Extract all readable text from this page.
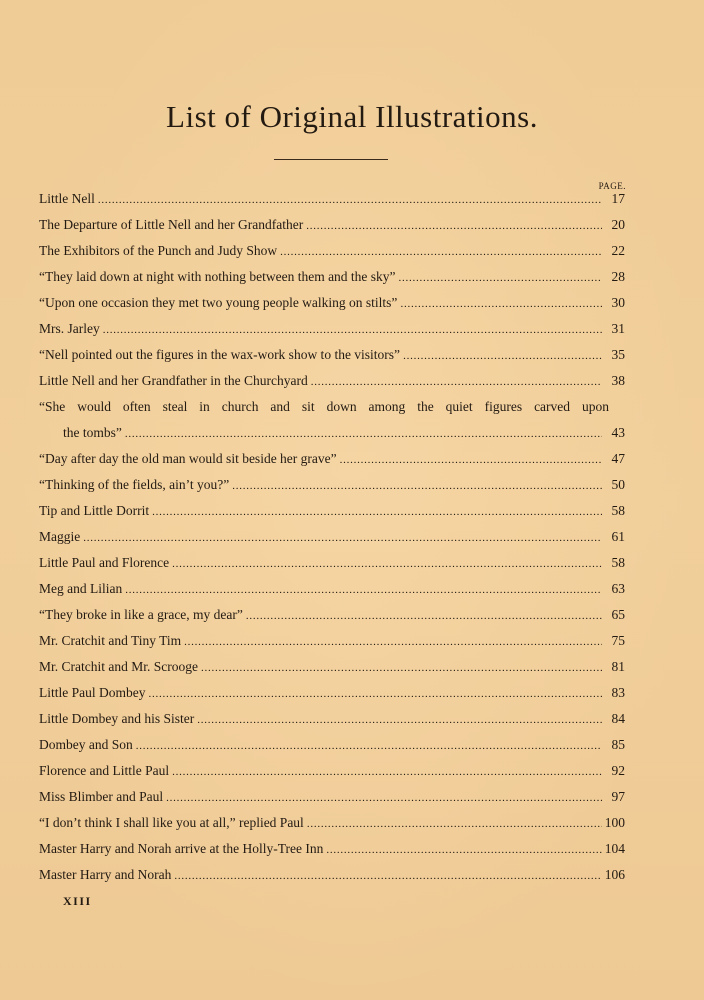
List of Original Illustrations.
PAGE.
Little Nell . . .	17
The Departure of Little Nell and her Grandfather . . .	20
The Exhibitors of the Punch and Judy Show . . .	22
“They laid down at night with nothing between them and the sky” . . .	28
“Upon one occasion they met two young people walking on stilts” . . .	30
Mrs. Jarley . . .	31
“Nell pointed out the figures in the wax-work show to the visitors” . . .	35
Little Nell and her Grandfather in the Churchyard . . .	38
“She would often steal in church and sit down among the quiet figures carved upon
the tombs” . . .	43
“Day after day the old man would sit beside her grave” . . .	47
“Thinking of the fields, ain’t you?” . . .	50
Tip and Little Dorrit . . .	58
Maggie . . .	61
Little Paul and Florence . . .	58
Meg and Lilian . . .	63
“They broke in like a grace, my dear” . . .	65
Mr. Cratchit and Tiny Tim . . .	75
Mr. Cratchit and Mr. Scrooge . . .	81
Little Paul Dombey . . .	83
Little Dombey and his Sister . . .	84
Dombey and Son . . .	85
Florence and Little Paul . . .	92
Miss Blimber and Paul . . .	97
“I don’t think I shall like you at all,” replied Paul . . .	100
Master Harry and Norah arrive at the Holly-Tree Inn . . .	104
Master Harry and Norah . . .	106
XIII
